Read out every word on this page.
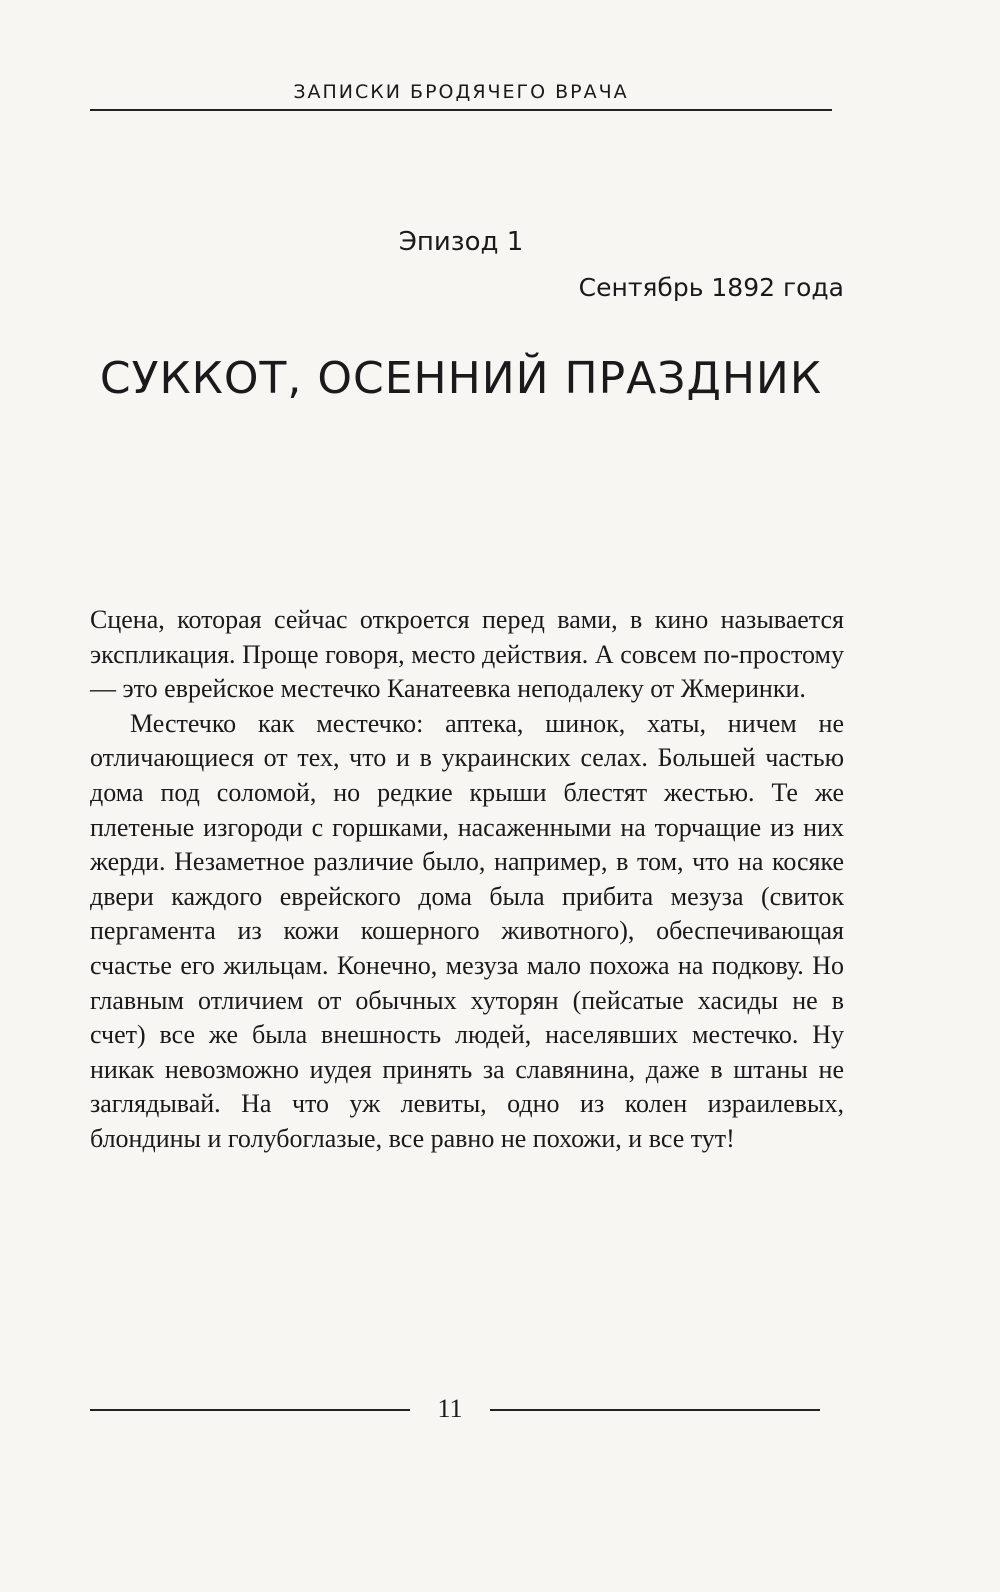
ЗАПИСКИ БРОДЯЧЕГО ВРАЧА
Эпизод 1
Сентябрь 1892 года
СУККОТ, ОСЕННИЙ ПРАЗДНИК

Сцена, которая сейчас откроется перед вами, в кино называется экспликация. Проще говоря, место действия. А совсем по-простому — это еврейское местечко Канатеевка неподалеку от Жмеринки.

Местечко как местечко: аптека, шинок, хаты, ничем не отличающиеся от тех, что и в украинских селах. Большей частью дома под соломой, но редкие крыши блестят жестью. Те же плетеные изгороди с горшками, насаженными на торчащие из них жерди. Незаметное различие было, например, в том, что на косяке двери каждого еврейского дома была прибита мезуза (свиток пергамента из кожи кошерного животного), обеспечивающая счастье его жильцам. Конечно, мезуза мало похожа на подкову. Но главным отличием от обычных хуторян (пейсатые хасиды не в счет) все же была внешность людей, населявших местечко. Ну никак невозможно иудея принять за славянина, даже в штаны не заглядывай. На что уж левиты, одно из колен израилевых, блондины и голубоглазые, все равно не похожи, и все тут!

11
